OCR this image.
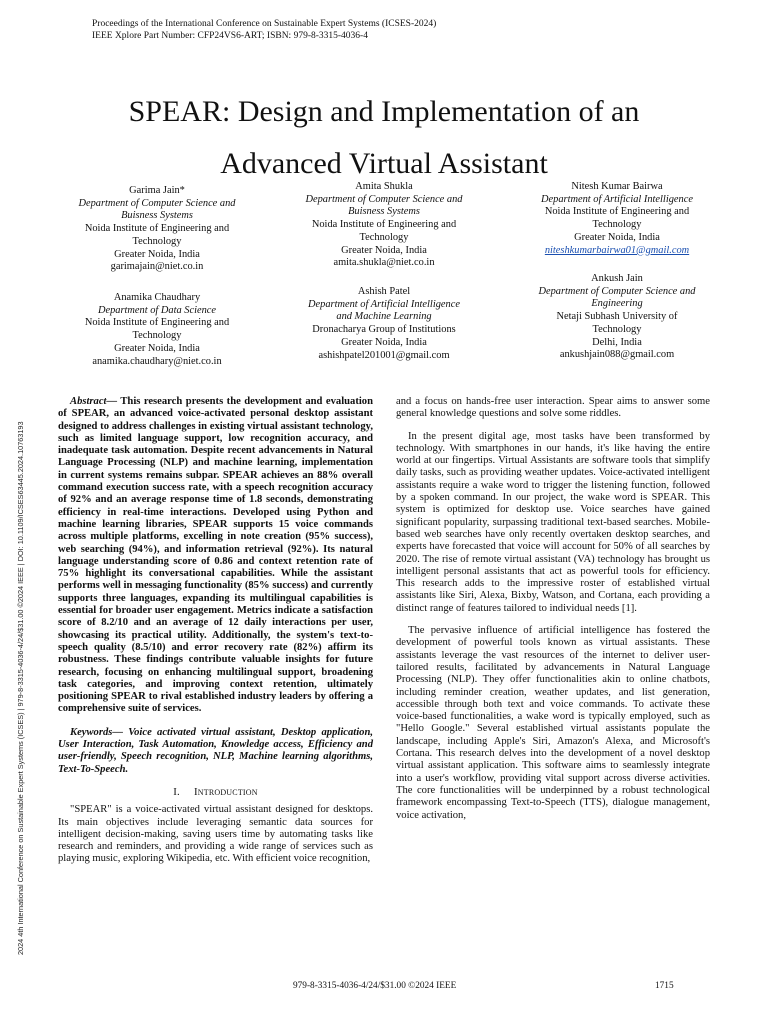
Proceedings of the International Conference on Sustainable Expert Systems (ICSES-2024)
IEEE Xplore Part Number: CFP24VS6-ART; ISBN: 979-8-3315-4036-4
SPEAR: Design and Implementation of an
Advanced Virtual Assistant
Garima Jain*
Department of Computer Science and
Buisness Systems
Noida Institute of Engineering and
Technology
Greater Noida, India
garimajain@niet.co.in
Amita Shukla
Department of Computer Science and
Buisness Systems
Noida Institute of Engineering and
Technology
Greater Noida, India
amita.shukla@niet.co.in
Nitesh Kumar Bairwa
Department of Artificial Intelligence
Noida Institute of Engineering and
Technology
Greater Noida, India
niteshkumarbairwa01@gmail.com
Anamika Chaudhary
Department of Data Science
Noida Institute of Engineering and
Technology
Greater Noida, India
anamika.chaudhary@niet.co.in
Ashish Patel
Department of Artificial Intelligence
and Machine Learning
Dronacharya Group of Institutions
Greater Noida, India
ashishpatel201001@gmail.com
Ankush Jain
Department of Computer Science and
Engineering
Netaji Subhash University of
Technology
Delhi, India
ankushjain088@gmail.com
2024 4th International Conference on Sustainable Expert Systems (ICSES) | 979-8-3315-4036-4/24/$31.00 ©2024 IEEE | DOI: 10.1109/ICSES63445.2024.10763193

Abstract— This research presents the development and evaluation of SPEAR, an advanced voice-activated personal desktop assistant designed to address challenges in existing virtual assistant technology, such as limited language support, low recognition accuracy, and inadequate task automation. Despite recent advancements in Natural Language Processing (NLP) and machine learning, implementation in current systems remains subpar. SPEAR achieves an 88% overall command execution success rate, with a speech recognition accuracy of 92% and an average response time of 1.8 seconds, demonstrating efficiency in real-time interactions. Developed using Python and machine learning libraries, SPEAR supports 15 voice commands across multiple platforms, excelling in note creation (95% success), web searching (94%), and information retrieval (92%). Its natural language understanding score of 0.86 and context retention rate of 75% highlight its conversational capabilities. While the assistant performs well in messaging functionality (85% success) and currently supports three languages, expanding its multilingual capabilities is essential for broader user engagement. Metrics indicate a satisfaction score of 8.2/10 and an average of 12 daily interactions per user, showcasing its practical utility. Additionally, the system's text-to-speech quality (8.5/10) and error recovery rate (82%) affirm its robustness. These findings contribute valuable insights for future research, focusing on enhancing multilingual support, broadening task categories, and improving context retention, ultimately positioning SPEAR to rival established industry leaders by offering a comprehensive suite of services.

Keywords— Voice activated virtual assistant, Desktop application, User Interaction, Task Automation, Knowledge access, Efficiency and user-friendly, Speech recognition, NLP, Machine learning algorithms, Text-To-Speech.

I. Introduction

"SPEAR" is a voice-activated virtual assistant designed for desktops. Its main objectives include leveraging semantic data sources for intelligent decision-making, saving users time by automating tasks like research and reminders, and providing a wide range of services such as playing music, exploring Wikipedia, etc. With efficient voice recognition,

and a focus on hands-free user interaction. Spear aims to answer some general knowledge questions and solve some riddles.

In the present digital age, most tasks have been transformed by technology. With smartphones in our hands, it's like having the entire world at our fingertips. Virtual Assistants are software tools that simplify daily tasks, such as providing weather updates. Voice-activated intelligent assistants require a wake word to trigger the listening function, followed by a spoken command. In our project, the wake word is SPEAR. This system is optimized for desktop use. Voice searches have gained significant popularity, surpassing traditional text-based searches. Mobile-based web searches have only recently overtaken desktop searches, and experts have forecasted that voice will account for 50% of all searches by 2020. The rise of remote virtual assistant (VA) technology has brought us intelligent personal assistants that act as powerful tools for efficiency. This research adds to the impressive roster of established virtual assistants like Siri, Alexa, Bixby, Watson, and Cortana, each providing a distinct range of features tailored to individual needs [1].

The pervasive influence of artificial intelligence has fostered the development of powerful tools known as virtual assistants. These assistants leverage the vast resources of the internet to deliver user-tailored results, facilitated by advancements in Natural Language Processing (NLP). They offer functionalities akin to online chatbots, including reminder creation, weather updates, and list generation, accessible through both text and voice commands. To activate these voice-based functionalities, a wake word is typically employed, such as "Hello Google." Several established virtual assistants populate the landscape, including Apple's Siri, Amazon's Alexa, and Microsoft's Cortana. This research delves into the development of a novel desktop virtual assistant application. This software aims to seamlessly integrate into a user's workflow, providing vital support across diverse activities. The core functionalities will be underpinned by a robust technological framework encompassing Text-to-Speech (TTS), dialogue management, voice activation,

979-8-3315-4036-4/24/$31.00 ©2024 IEEE	1715
